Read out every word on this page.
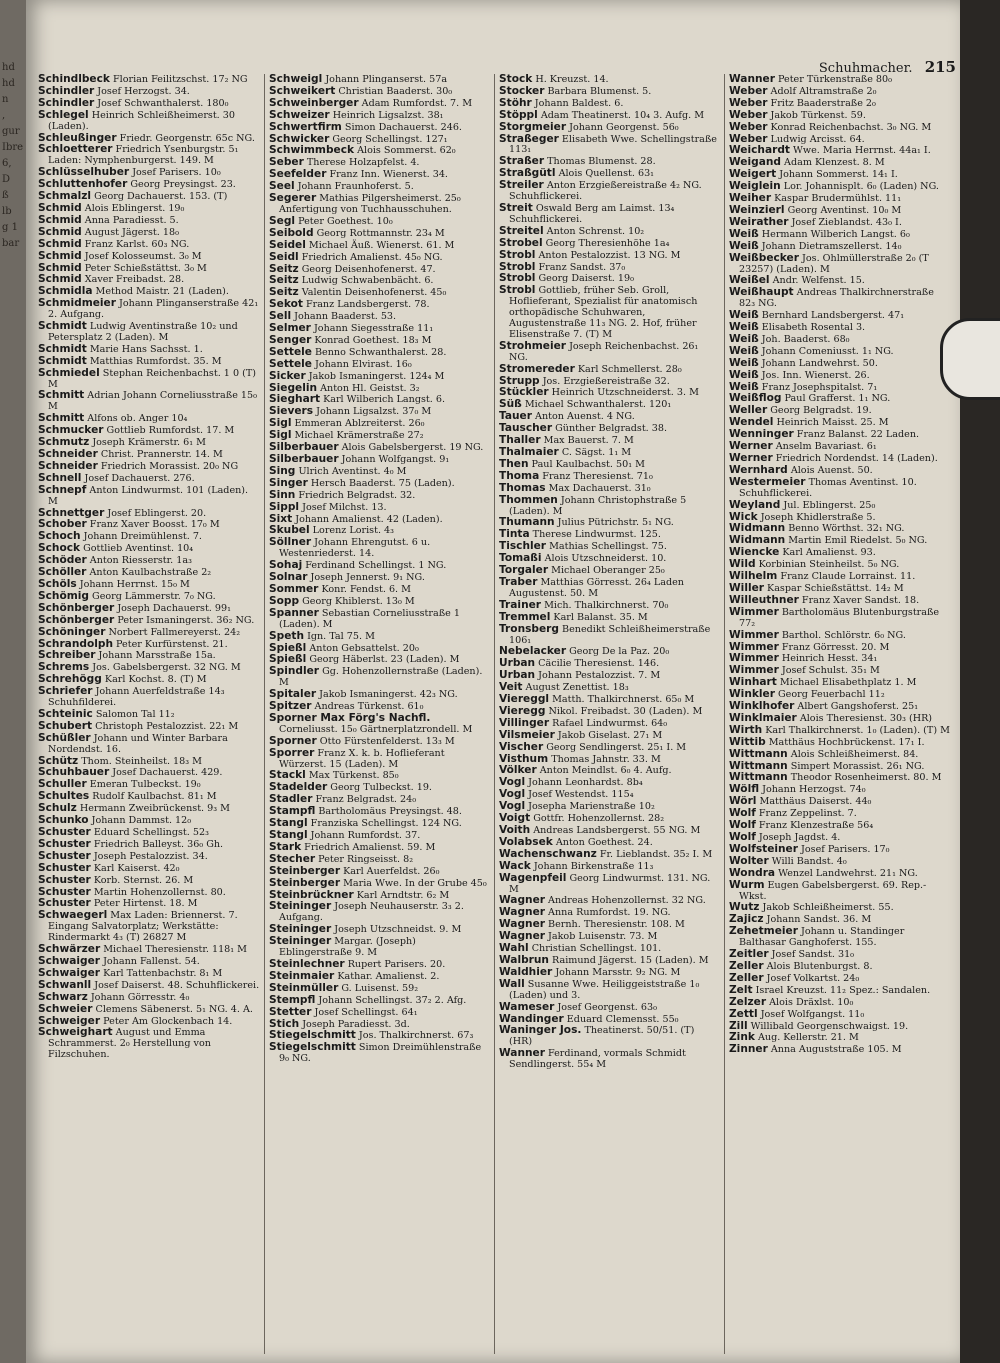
hd
hd
n
,
gur
Ibre
6,
D
ß
lb
g 1
bar
Schuhmacher. 215

Schindlbeck Florian Feilitzschst. 17₂ NG

Schindler Josef Herzogst. 34.

Schindler Josef Schwanthalerst. 180₀

Schlegel Heinrich Schleißheimerst. 30 (Laden).

Schleußinger Friedr. Georgenstr. 65c NG.

Schloetterer Friedrich Ysenburgstr. 5₁ Laden: Nymphenburgerst. 149. M

Schlüsselhuber Josef Parisers. 10₀

Schluttenhofer Georg Preysingst. 23.

Schmalzl Georg Dachauerst. 153. (T)

Schmid Alois Eblingerst. 19₀

Schmid Anna Paradiesst. 5.

Schmid August Jägerst. 18₀

Schmid Franz Karlst. 60₃ NG.

Schmid Josef Kolosseumst. 3₀ M

Schmid Peter Schießstättst. 3₀ M

Schmid Xaver Freibadst. 28.

Schmidla Method Maistr. 21 (Laden).

Schmidmeier Johann Plinganserstraße 42₁ 2. Aufgang.

Schmidt Ludwig Aventinstraße 10₂ und Petersplatz 2 (Laden). M

Schmidt Marie Hans Sachsst. 1.

Schmidt Matthias Rumfordst. 35. M

Schmiedel Stephan Reichenbachst. 1 0 (T) M

Schmitt Adrian Johann Corneliusstraße 15₀ M

Schmitt Alfons ob. Anger 10₄

Schmucker Gottlieb Rumfordst. 17. M

Schmutz Joseph Krämerstr. 6₁ M

Schneider Christ. Prannerstr. 14. M

Schneider Friedrich Morassist. 20₀ NG

Schnell Josef Dachauerst. 276.

Schnepf Anton Lindwurmst. 101 (Laden). M

Schnettger Josef Eblingerst. 20.

Schober Franz Xaver Boosst. 17₀ M

Schoch Johann Dreimühlenst. 7.

Schock Gottlieb Aventinst. 10₄

Schöder Anton Riesserstr. 1a₃

Schöller Anton Kaulbachstraße 2₂

Schöls Johann Herrnst. 15₀ M

Schömig Georg Lämmerstr. 7₀ NG.

Schönberger Joseph Dachauerst. 99₁

Schönberger Peter Ismaningerst. 36₂ NG.

Schöninger Norbert Fallmereyerst. 24₂

Schrandolph Peter Kurfürstenst. 21.

Schreiber Johann Marsstraße 15a.

Schrems Jos. Gabelsbergerst. 32 NG. M

Schrehögg Karl Kochst. 8. (T) M

Schriefer Johann Auerfeldstraße 14₃ Schuhfilderei.

Schteinic Salomon Tal 11₂

Schubert Christoph Pestalozzist. 22₁ M

Schüßler Johann und Winter Barbara Nordendst. 16.

Schütz Thom. Steinheilst. 18₃ M

Schuhbauer Josef Dachauerst. 429.

Schuller Emeran Tulbeckst. 19₀

Schultes Rudolf Kaulbachst. 81₁ M

Schulz Hermann Zweibrückenst. 9₃ M

Schunko Johann Dammst. 12₀

Schuster Eduard Schellingst. 52₃

Schuster Friedrich Balleyst. 36₀ Gh.

Schuster Joseph Pestalozzist. 34.

Schuster Karl Kaiserst. 42₀

Schuster Korb. Sternst. 26. M

Schuster Martin Hohenzollernst. 80.

Schuster Peter Hirtenst. 18. M

Schwaegerl Max Laden: Briennerst. 7. Eingang Salvatorplatz; Werkstätte: Rindermarkt 4₃ (T) 26827 M

Schwärzer Michael Theresienstr. 118₁ M

Schwaiger Johann Fallenst. 54.

Schwaiger Karl Tattenbachstr. 8₁ M

Schwanll Josef Daiserst. 48. Schuhflickerei.

Schwarz Johann Görresstr. 4₀

Schweier Clemens Säbenerst. 5₁ NG. 4. A.

Schweiger Peter Am Glockenbach 14.

Schweighart August und Emma Schrammerst. 2₀ Herstellung von Filzschuhen.

Schweigl Johann Plinganserst. 57a

Schweikert Christian Baaderst. 30₀

Schweinberger Adam Rumfordst. 7. M

Schweizer Heinrich Ligsalzst. 38₁

Schwertfirm Simon Dachauerst. 246.

Schwicker Georg Schellingst. 127₁

Schwimmbeck Alois Sommerst. 62₀

Seber Therese Holzapfelst. 4.

Seefelder Franz Inn. Wienerst. 34.

Seel Johann Fraunhoferst. 5.

Segerer Mathias Pilgersheimerst. 25₀ Anfertigung von Tuchhausschuhen.

Segl Peter Goethest. 10₀

Seibold Georg Rottmannstr. 23₄ M

Seidel Michael Äuß. Wienerst. 61. M

Seidl Friedrich Amalienst. 45₀ NG.

Seitz Georg Deisenhofenerst. 47.

Seitz Ludwig Schwabenbächt. 6.

Seitz Valentin Deisenhofenerst. 45₀

Sekot Franz Landsbergerst. 78.

Sell Johann Baaderst. 53.

Selmer Johann Siegesstraße 11₁

Senger Konrad Goethest. 18₃ M

Settele Benno Schwanthalerst. 28.

Settele Johann Elvirast. 16₀

Sicker Jakob Ismaningerst. 124₄ M

Siegelin Anton Hl. Geistst. 3₂

Sieghart Karl Wilberich Langst. 6.

Sievers Johann Ligsalzst. 37₀ M

Sigl Emmeran Ablzreiterst. 26₀

Sigl Michael Krämerstraße 27₂

Silberbauer Alois Gabelsbergerst. 19 NG.

Silberbauer Johann Wolfgangst. 9₁

Sing Ulrich Aventinst. 4₀ M

Singer Hersch Baaderst. 75 (Laden).

Sinn Friedrich Belgradst. 32.

Sippl Josef Milchst. 13.

Sixt Johann Amalienst. 42 (Laden).

Skubel Lorenz Lorist. 4₃

Söllner Johann Ehrengutst. 6 u. Westenriederst. 14.

Sohaj Ferdinand Schellingst. 1 NG.

Solnar Joseph Jennerst. 9₁ NG.

Sommer Konr. Fendst. 6. M

Sopp Georg Khiblerst. 13₀ M

Spanner Sebastian Corneliusstraße 1 (Laden). M

Speth Ign. Tal 75. M

Spießl Anton Gebsattelst. 20₀

Spießl Georg Häberlst. 23 (Laden). M

Spindler Gg. Hohenzollernstraße (Laden). M

Spitaler Jakob Ismaningerst. 42₃ NG.

Spitzer Andreas Türkenst. 61₀

Sporner Max Förg's Nachfl. Corneliusst. 15₀ Gärtnerplatzrondell. M

Sporner Otto Fürstenfelderst. 13₃ M

Sporrer Franz X. k. b. Hoflieferant Würzerst. 15 (Laden). M

Stackl Max Türkenst. 85₀

Stadelder Georg Tulbeckst. 19.

Stadler Franz Belgradst. 24₀

Stampfl Bartholomäus Preysingst. 48.

Stangl Franziska Schellingst. 124 NG.

Stangl Johann Rumfordst. 37.

Stark Friedrich Amalienst. 59. M

Stecher Peter Ringseisst. 8₂

Steinberger Karl Auerfeldst. 26₀

Steinberger Maria Wwe. In der Grube 45₀

Steinbrückner Karl Arndtstr. 6₂ M

Steininger Joseph Neuhauserstr. 3₃ 2. Aufgang.

Steininger Joseph Utzschneidst. 9. M

Steininger Margar. (Joseph) Eblingerstraße 9. M

Steinlechner Rupert Parisers. 20.

Steinmaier Kathar. Amalienst. 2.

Steinmüller G. Luisenst. 59₂

Stempfl Johann Schellingst. 37₂ 2. Afg.

Stetter Josef Schellingst. 64₁

Stich Joseph Paradiesst. 3d.

Stiegelschmitt Jos. Thalkirchnerst. 67₃

Stiegelschmitt Simon Dreimühlenstraße 9₀ NG.

Stock H. Kreuzst. 14.

Stocker Barbara Blumenst. 5.

Stöhr Johann Baldest. 6.

Stöppl Adam Theatinerst. 10₄ 3. Aufg. M

Storgmeier Johann Georgenst. 56₀

Straßeger Elisabeth Wwe. Schellingstraße 113₁

Straßer Thomas Blumenst. 28.

Straßgütl Alois Quellenst. 63₁

Streiler Anton Erzgießereistraße 4₂ NG. Schuhflickerei.

Streit Oswald Berg am Laimst. 13₄ Schuhflickerei.

Streitel Anton Schrenst. 10₂

Strobel Georg Theresienhöhe 1a₄

Strobl Anton Pestalozzist. 13 NG. M

Strobl Franz Sandst. 37₀

Strobl Georg Daiserst. 19₀

Strobl Gottlieb, früher Seb. Groll, Hoflieferant, Spezialist für anatomisch orthopädische Schuhwaren, Augustenstraße 11₃ NG. 2. Hof, früher Elisenstraße 7. (T) M

Strohmeier Joseph Reichenbachst. 26₁ NG.

Stromereder Karl Schmellerst. 28₀

Strupp Jos. Erzgießereistraße 32.

Stückler Heinrich Utzschneiderst. 3. M

Süß Michael Schwanthalerst. 120₁

Tauer Anton Auenst. 4 NG.

Tauscher Günther Belgradst. 38.

Thaller Max Bauerst. 7. M

Thalmaier C. Sägst. 1₁ M

Then Paul Kaulbachst. 50₁ M

Thoma Franz Theresienst. 71₀

Thomas Max Dachauerst. 31₀

Thommen Johann Christophstraße 5 (Laden). M

Thumann Julius Pütrichstr. 5₁ NG.

Tinta Therese Lindwurmst. 125.

Tischler Mathias Schellingst. 75.

Tomaßi Alois Utzschneiderst. 10.

Torgaler Michael Oberanger 25₀

Traber Matthias Görresst. 26₄ Laden Augustenst. 50. M

Trainer Mich. Thalkirchnerst. 70₀

Tremmel Karl Balanst. 35. M

Tronsberg Benedikt Schleißheimerstraße 106₁

Nebelacker Georg De la Paz. 20₀

Urban Cäcilie Theresienst. 146.

Urban Johann Pestalozzist. 7. M

Veit August Zenettist. 18₃

Viereggl Matth. Thalkirchnerst. 65₀ M

Vieregg Nikol. Freibadst. 30 (Laden). M

Villinger Rafael Lindwurmst. 64₀

Vilsmeier Jakob Giselast. 27₁ M

Vischer Georg Sendlingerst. 25₁ I. M

Visthum Thomas Jahnstr. 33. M

Völker Anton Meindlst. 6₀ 4. Aufg.

Vogl Johann Leonhardst. 8b₄

Vogl Josef Westendst. 115₄

Vogl Josepha Marienstraße 10₂

Voigt Gottfr. Hohenzollernst. 28₂

Voith Andreas Landsbergerst. 55 NG. M

Volabsek Anton Goethest. 24.

Wachenschwanz Fr. Lieblandst. 35₂ I. M

Wack Johann Birkenstraße 11₃

Wagenpfeil Georg Lindwurmst. 131. NG. M

Wagner Andreas Hohenzollernst. 32 NG.

Wagner Anna Rumfordst. 19. NG.

Wagner Bernh. Theresienstr. 108. M

Wagner Jakob Luisenstr. 73. M

Wahl Christian Schellingst. 101.

Walbrun Raimund Jägerst. 15 (Laden). M

Waldhier Johann Marsstr. 9₂ NG. M

Wall Susanne Wwe. Heiliggeiststraße 1₀ (Laden) und 3.

Wameser Josef Georgenst. 63₀

Wandinger Eduard Clemensst. 55₀

Waninger Jos. Theatinerst. 50/51. (T) (HR)

Wanner Ferdinand, vormals Schmidt Sendlingerst. 55₄ M

Wanner Peter Türkenstraße 80₀

Weber Adolf Altramstraße 2₀

Weber Fritz Baaderstraße 2₀

Weber Jakob Türkenst. 59.

Weber Konrad Reichenbachst. 3₀ NG. M

Weber Ludwig Arcisst. 64.

Weichardt Wwe. Maria Herrnst. 44a₁ I.

Weigand Adam Klenzest. 8. M

Weigert Johann Sommerst. 14₁ I.

Weiglein Lor. Johannisplt. 6₀ (Laden) NG.

Weiher Kaspar Brudermühlst. 11₁

Weinzierl Georg Aventinst. 10₀ M

Weirather Josef Zieblandst. 43₀ I.

Weiß Hermann Wilberich Langst. 6₀

Weiß Johann Dietramszellerst. 14₀

Weißbecker Jos. Ohlmüllerstraße 2₀ (T 23257) (Laden). M

Weißel Andr. Welfenst. 15.

Weißhaupt Andreas Thalkirchnerstraße 82₃ NG.

Weiß Bernhard Landsbergerst. 47₁

Weiß Elisabeth Rosental 3.

Weiß Joh. Baaderst. 68₀

Weiß Johann Comeniusst. 1₁ NG.

Weiß Johann Landwehrst. 50.

Weiß Jos. Inn. Wienerst. 26.

Weiß Franz Josephspitalst. 7₁

Weißflog Paul Grafferst. 1₁ NG.

Weller Georg Belgradst. 19.

Wendel Heinrich Maisst. 25. M

Wenninger Franz Balanst. 22 Laden.

Werner Anselm Bavariast. 6₁

Werner Friedrich Nordendst. 14 (Laden).

Wernhard Alois Auenst. 50.

Westermeier Thomas Aventinst. 10. Schuhflickerei.

Weyland Jul. Eblingerst. 25₀

Wick Joseph Khidlerstraße 5.

Widmann Benno Wörthst. 32₁ NG.

Widmann Martin Emil Riedelst. 5₀ NG.

Wiencke Karl Amalienst. 93.

Wild Korbinian Steinheilst. 5₀ NG.

Wilhelm Franz Claude Lorrainst. 11.

Willer Kaspar Schießstättst. 14₂ M

Willeuthner Franz Xaver Sandst. 18.

Wimmer Bartholomäus Blutenburgstraße 77₂

Wimmer Barthol. Schlörstr. 6₀ NG.

Wimmer Franz Görresst. 20. M

Wimmer Heinrich Hesst. 34₁

Wimmer Josef Schulst. 35₁ M

Winhart Michael Elisabethplatz 1. M

Winkler Georg Feuerbachl 11₂

Winklhofer Albert Gangshoferst. 25₁

Winklmaier Alois Theresienst. 30₃ (HR)

Wirth Karl Thalkirchnerst. 1₀ (Laden). (T) M

Wittib Matthäus Hochbrückenst. 17₁ I.

Wittmann Alois Schleißheimerst. 84.

Wittmann Simpert Morassist. 26₁ NG.

Wittmann Theodor Rosenheimerst. 80. M

Wölfl Johann Herzogst. 74₀

Wörl Matthäus Daiserst. 44₀

Wolf Franz Zeppelinst. 7.

Wolf Franz Klenzestraße 56₄

Wolf Joseph Jagdst. 4.

Wolfsteiner Josef Parisers. 17₀

Wolter Willi Bandst. 4₀

Wondra Wenzel Landwehrst. 21₁ NG.

Wurm Eugen Gabelsbergerst. 69. Rep.-Wkst.

Wutz Jakob Schleißheimerst. 55.

Zajicz Johann Sandst. 36. M

Zehetmeier Johann u. Standinger Balthasar Ganghoferst. 155.

Zeitler Josef Sandst. 31₀

Zeller Alois Blutenburgst. 8.

Zeller Josef Volkartst. 24₀

Zelt Israel Kreuzst. 11₂ Spez.: Sandalen.

Zelzer Alois Dräxlst. 10₀

Zettl Josef Wolfgangst. 11₀

Zill Willibald Georgenschwaigst. 19.

Zink Aug. Kellerstr. 21. M

Zinner Anna Auguststraße 105. M
